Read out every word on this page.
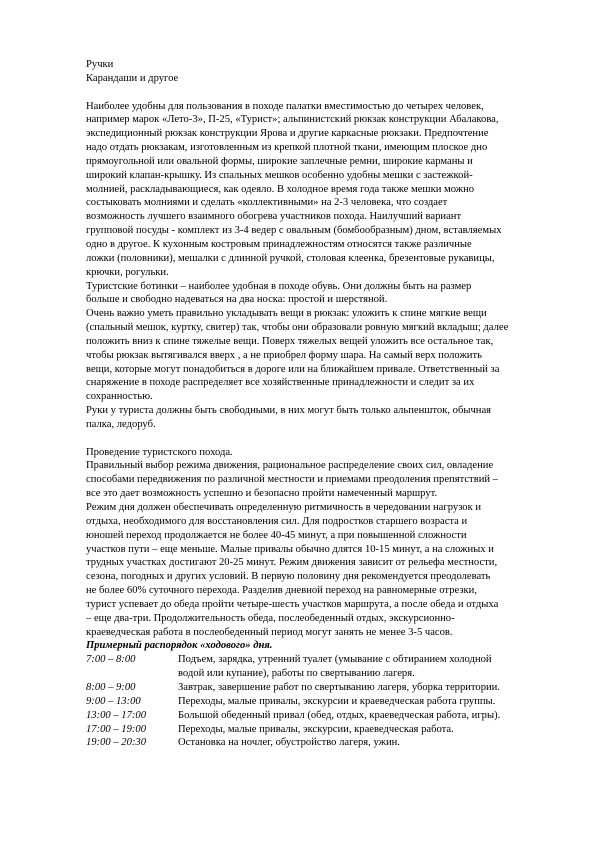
Ручки
Карандаши и другое
Наиболее удобны для пользования в походе палатки вместимостью до четырех человек,
например марок «Лето-3», П-25, «Турист»; альпинистский рюкзак конструкции Абалакова,
экспедиционный рюкзак конструкции Ярова и другие каркасные рюкзаки. Предпочтение
надо отдать рюкзакам, изготовленным из крепкой плотной ткани, имеющим плоское дно
прямоугольной или овальной формы, широкие заплечные ремни, широкие карманы и
широкий клапан-крышку. Из спальных мешков особенно удобны мешки с застежкой-
молнией, раскладывающиеся, как одеяло. В холодное время года также мешки можно
состыковать молниями и сделать «коллективными» на 2-3 человека, что создает
возможность лучшего взаимного обогрева участников похода. Наилучший вариант
групповой посуды - комплект из 3-4 ведер с овальным (бомбообразным) дном, вставляемых
одно в другое. К кухонным костровым принадлежностям относятся также различные
ложки (половники), мешалки с длинной ручкой, столовая клеенка, брезентовые рукавицы,
крючки, рогульки.
Туристские ботинки – наиболее удобная в походе обувь. Они должны быть на размер
больше и свободно надеваться на два носка: простой и шерстяной.
Очень важно уметь правильно укладывать вещи в рюкзак: уложить к спине мягкие вещи
(спальный мешок, куртку, свитер) так, чтобы они образовали ровную мягкий вкладыш; далее
положить вниз к спине тяжелые вещи. Поверх тяжелых вещей уложить все остальное так,
чтобы рюкзак вытягивался вверх , а не приобрел форму шара. На самый верх положить
вещи, которые могут понадобиться в дороге или на ближайшем привале. Ответственный за
снаряжение в походе распределяет все хозяйственные принадлежности и следит за их
сохранностью.
Руки у туриста должны быть свободными, в них могут быть только альпеншток, обычная
палка, ледоруб.
Проведение туристского похода.
Правильный выбор режима движения, рациональное распределение своих сил, овладение
способами передвижения по различной местности и приемами преодоления препятствий –
все это дает возможность успешно и безопасно пройти намеченный маршрут.
Режим дня должен обеспечивать определенную ритмичность в чередовании нагрузок и
отдыха, необходимого для восстановления сил. Для подростков старшего возраста и
юношей переход продолжается не более 40-45 минут, а при повышенной сложности
участков пути – еще меньше. Малые привалы обычно длятся 10-15 минут, а на сложных и
трудных участках достигают 20-25 минут. Режим движения зависит от рельефа местности,
сезона, погодных и других условий. В первую половину дня рекомендуется преодолевать
не более 60% суточного перехода. Разделив дневной переход на равномерные отрезки,
турист успевает до обеда пройти четыре-шесть участков маршрута, а после обеда и отдыха
– еще два-три. Продолжительность обеда, послеобеденный отдых, экскурсионно-
краеведческая работа в послеобеденный период могут занять не менее 3-5 часов.
Примерный распорядок «ходового» дня.
7:00 – 8:00	Подъем, зарядка, утренний туалет (умывание с обтиранием холодной
водой или купание), работы по свертыванию лагеря.
8:00 – 9:00	Завтрак, завершение работ по свертыванию лагеря, уборка территории.
9:00 – 13:00	Переходы, малые привалы, экскурсии и краеведческая работа группы.
13:00 – 17:00	Большой обеденный привал (обед, отдых, краеведческая работа, игры).
17:00 – 19:00	Переходы, малые привалы, экскурсии, краеведческая работа.
19:00 – 20:30	Остановка на ночлег, обустройство лагеря, ужин.
